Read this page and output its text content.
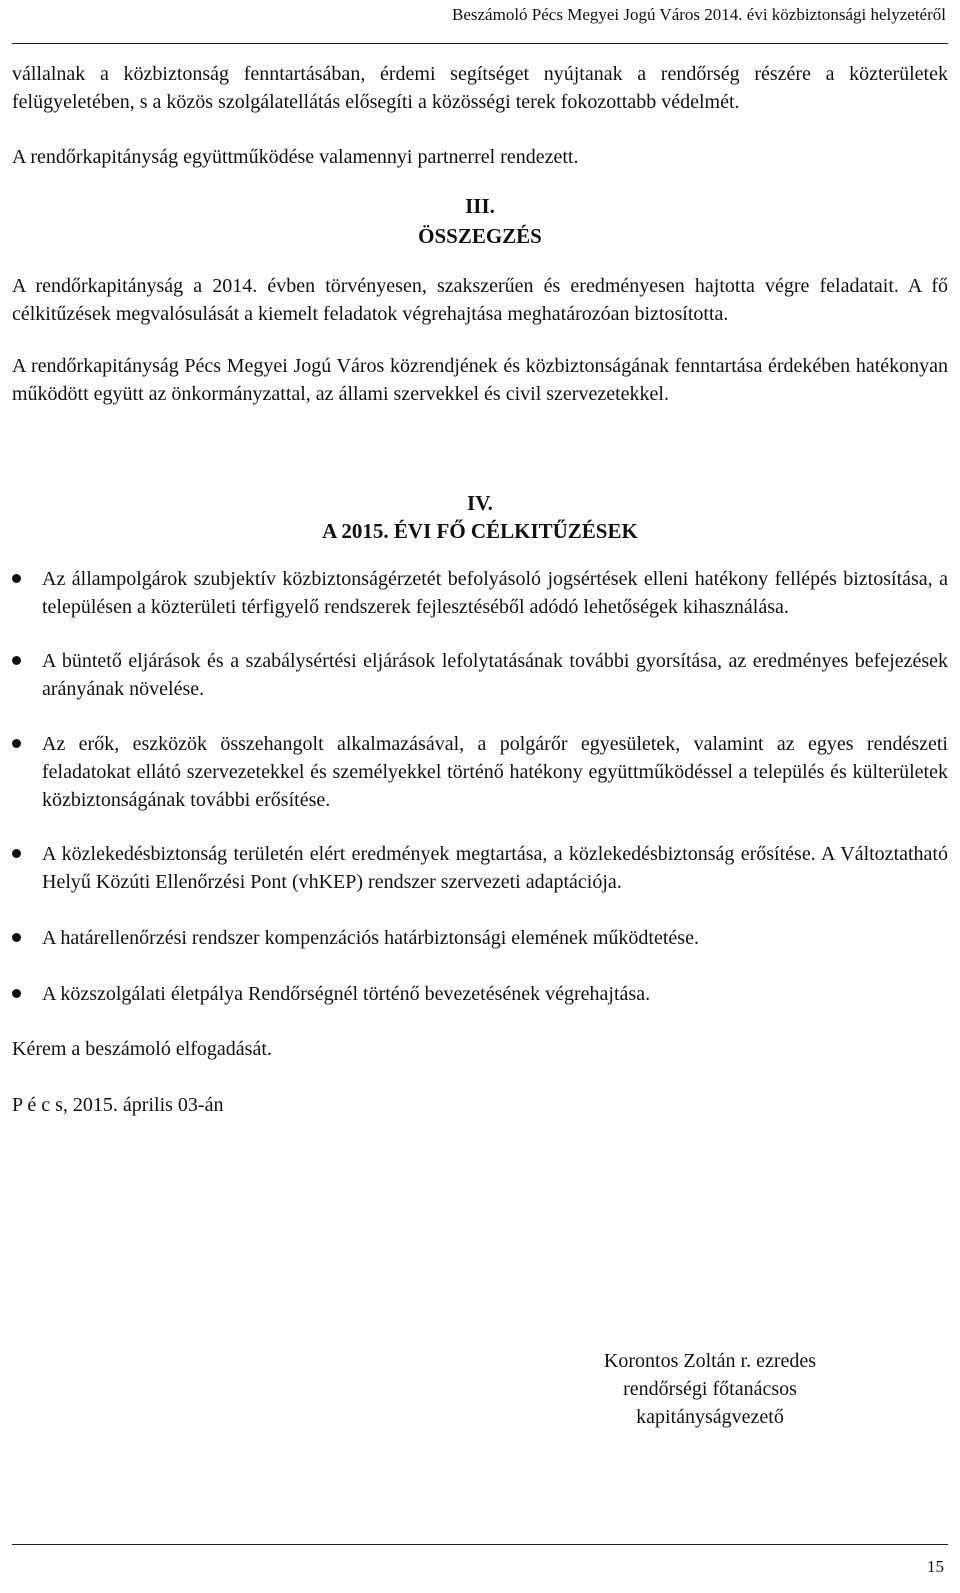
Beszámoló Pécs Megyei Jogú Város 2014. évi közbiztonsági helyzetéről

vállalnak a közbiztonság fenntartásában, érdemi segítséget nyújtanak a rendőrség részére a közterületek felügyeletében, s a közös szolgálatellátás elősegíti a közösségi terek fokozottabb védelmét.

A rendőrkapitányság együttműködése valamennyi partnerrel rendezett.

III.
ÖSSZEGZÉS

A rendőrkapitányság a 2014. évben törvényesen, szakszerűen és eredményesen hajtotta végre feladatait. A fő célkitűzések megvalósulását a kiemelt feladatok végrehajtása meghatározóan biztosította.

A rendőrkapitányság Pécs Megyei Jogú Város közrendjének és közbiztonságának fenntartása érdekében hatékonyan működött együtt az önkormányzattal, az állami szervekkel és civil szervezetekkel.

IV.
A 2015. ÉVI FŐ CÉLKITŰZÉSEK

Az állampolgárok szubjektív közbiztonságérzetét befolyásoló jogsértések elleni hatékony fellépés biztosítása, a településen a közterületi térfigyelő rendszerek fejlesztéséből adódó lehetőségek kihasználása.

A büntető eljárások és a szabálysértési eljárások lefolytatásának további gyorsítása, az eredményes befejezések arányának növelése.

Az erők, eszközök összehangolt alkalmazásával, a polgárőr egyesületek, valamint az egyes rendészeti feladatokat ellátó szervezetekkel és személyekkel történő hatékony együttműködéssel a település és külterületek közbiztonságának további erősítése.

A közlekedésbiztonság területén elért eredmények megtartása, a közlekedésbiztonság erősítése. A Változtatható Helyű Közúti Ellenőrzési Pont (vhKEP) rendszer szervezeti adaptációja.

A határellenőrzési rendszer kompenzációs határbiztonsági elemének működtetése.

A közszolgálati életpálya Rendőrségnél történő bevezetésének végrehajtása.

Kérem a beszámoló elfogadását.

P é c s, 2015. április 03-án

Korontos Zoltán r. ezredes
rendőrségi főtanácsos
kapitányságvezető
15
